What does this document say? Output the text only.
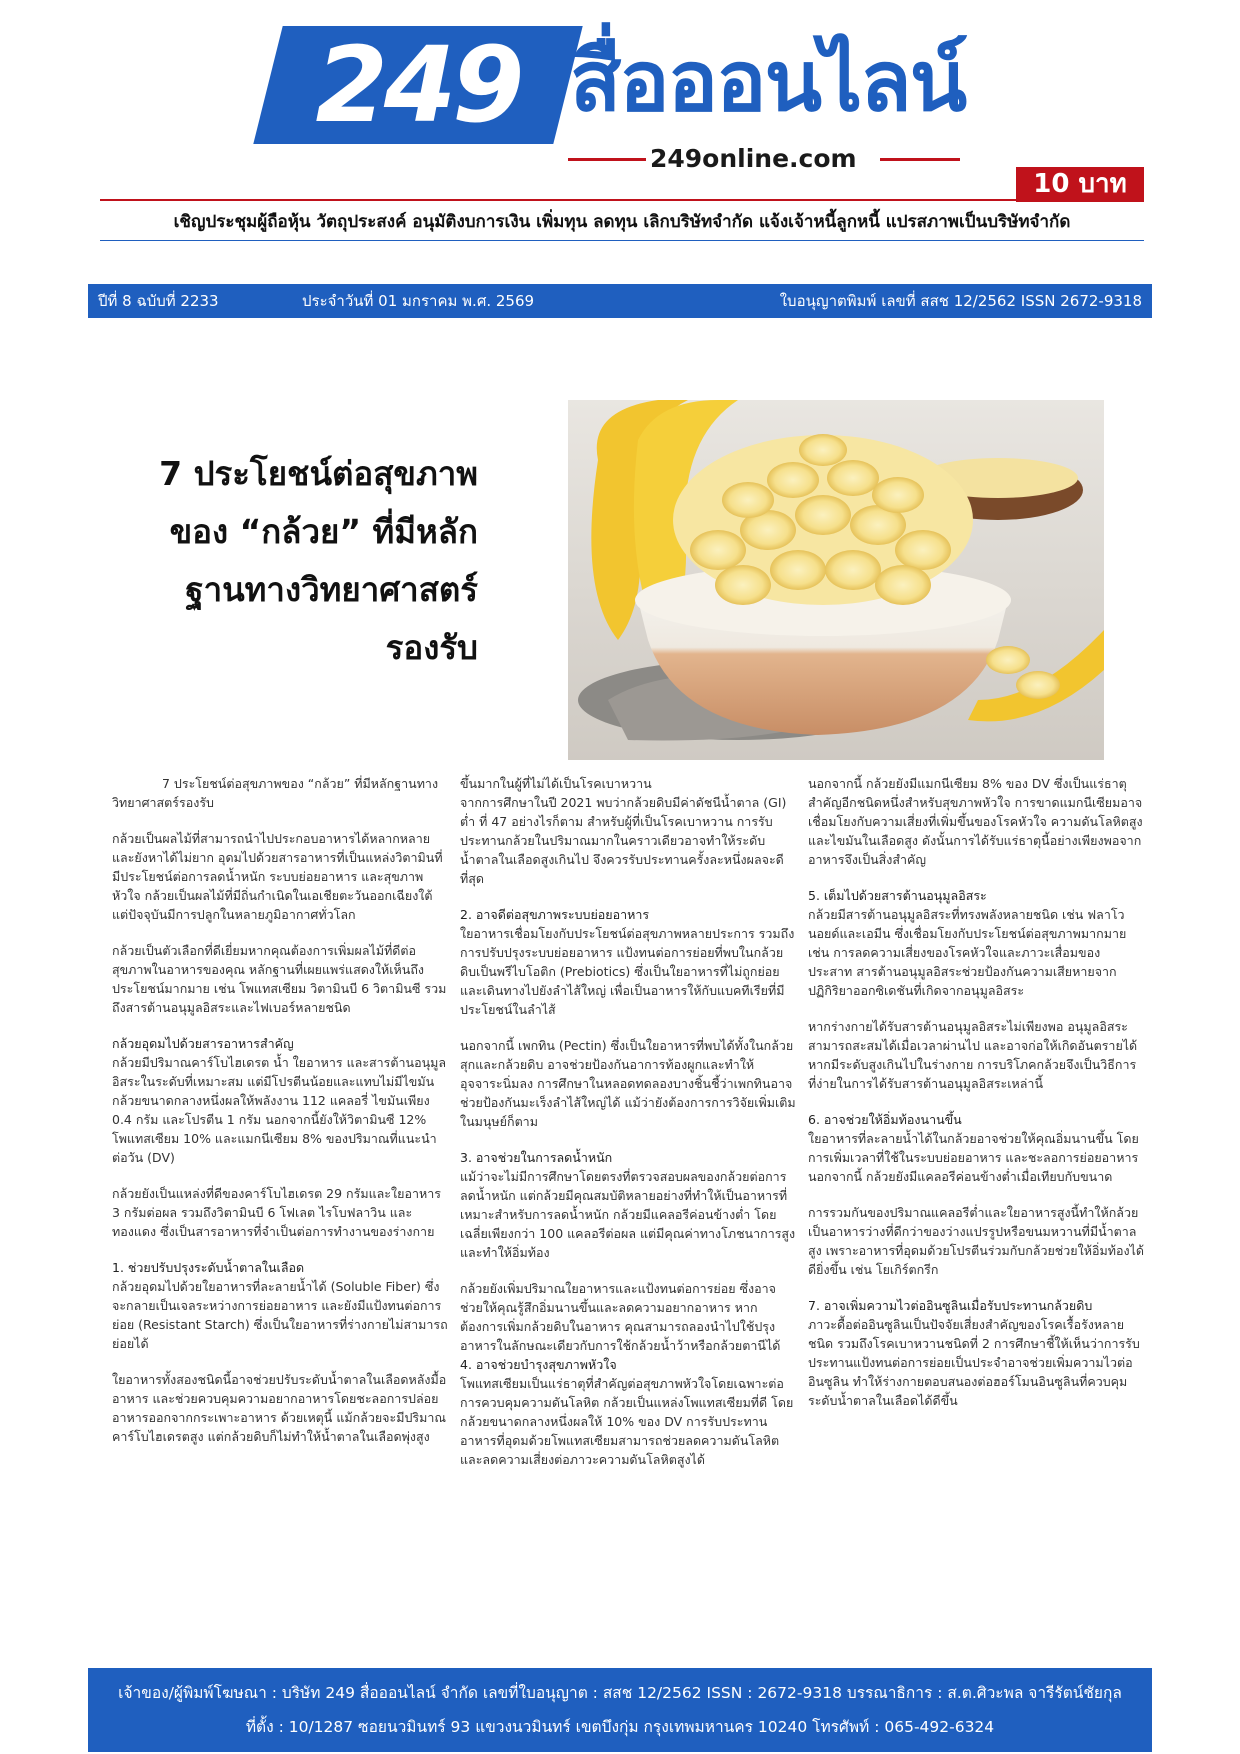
249 สื่อออนไลน์
249online.com
10 บาท
เชิญประชุมผู้ถือหุ้น วัตถุประสงค์ อนุมัติงบการเงิน เพิ่มทุน ลดทุน เลิกบริษัทจำกัด แจ้งเจ้าหนี้ลูกหนี้ แปรสภาพเป็นบริษัทจำกัด
ปีที่ 8 ฉบับที่ 2233	ประจำวันที่ 01 มกราคม พ.ศ. 2569	ใบอนุญาตพิมพ์ เลขที่ สสช 12/2562 ISSN 2672-9318
7 ประโยชน์ต่อสุขภาพ
ของ “กล้วย” ที่มีหลัก
ฐานทางวิทยาศาสตร์
รองรับ

7 ประโยชน์ต่อสุขภาพของ “กล้วย” ที่มีหลักฐานทางวิทยาศาสตร์รองรับ

กล้วยเป็นผลไม้ที่สามารถนำไปประกอบอาหารได้หลากหลายและยังหาได้ไม่ยาก อุดมไปด้วยสารอาหารที่เป็นแหล่งวิตามินที่มีประโยชน์ต่อการลดน้ำหนัก ระบบย่อยอาหาร และสุขภาพหัวใจ กล้วยเป็นผลไม้ที่มีถิ่นกำเนิดในเอเชียตะวันออกเฉียงใต้ แต่ปัจจุบันมีการปลูกในหลายภูมิอากาศทั่วโลก

กล้วยเป็นตัวเลือกที่ดีเยี่ยมหากคุณต้องการเพิ่มผลไม้ที่ดีต่อสุขภาพในอาหารของคุณ หลักฐานที่เผยแพร่แสดงให้เห็นถึงประโยชน์มากมาย เช่น โพแทสเซียม วิตามินบี 6 วิตามินซี รวมถึงสารต้านอนุมูลอิสระและไฟเบอร์หลายชนิด

กล้วยอุดมไปด้วยสารอาหารสำคัญ

กล้วยมีปริมาณคาร์โบไฮเดรต น้ำ ใยอาหาร และสารต้านอนุมูลอิสระในระดับที่เหมาะสม แต่มีโปรตีนน้อยและแทบไม่มีไขมัน กล้วยขนาดกลางหนึ่งผลให้พลังงาน 112 แคลอรี่ ไขมันเพียง 0.4 กรัม และโปรตีน 1 กรัม นอกจากนี้ยังให้วิตามินซี 12% โพแทสเซียม 10% และแมกนีเซียม 8% ของปริมาณที่แนะนำต่อวัน (DV)

กล้วยยังเป็นแหล่งที่ดีของคาร์โบไฮเดรต 29 กรัมและใยอาหาร 3 กรัมต่อผล รวมถึงวิตามินบี 6 โฟเลต ไรโบฟลาวิน และทองแดง ซึ่งเป็นสารอาหารที่จำเป็นต่อการทำงานของร่างกาย

1. ช่วยปรับปรุงระดับน้ำตาลในเลือด

กล้วยอุดมไปด้วยใยอาหารที่ละลายน้ำได้ (Soluble Fiber) ซึ่งจะกลายเป็นเจลระหว่างการย่อยอาหาร และยังมีแป้งทนต่อการย่อย (Resistant Starch) ซึ่งเป็นใยอาหารที่ร่างกายไม่สามารถย่อยได้

ใยอาหารทั้งสองชนิดนี้อาจช่วยปรับระดับน้ำตาลในเลือดหลังมื้ออาหาร และช่วยควบคุมความอยากอาหารโดยชะลอการปล่อยอาหารออกจากกระเพาะอาหาร ด้วยเหตุนี้ แม้กล้วยจะมีปริมาณคาร์โบไฮเดรตสูง แต่กล้วยดิบก็ไม่ทำให้น้ำตาลในเลือดพุ่งสูง

ขึ้นมากในผู้ที่ไม่ได้เป็นโรคเบาหวาน

จากการศึกษาในปี 2021 พบว่ากล้วยดิบมีค่าดัชนีน้ำตาล (GI) ต่ำ ที่ 47 อย่างไรก็ตาม สำหรับผู้ที่เป็นโรคเบาหวาน การรับประทานกล้วยในปริมาณมากในคราวเดียวอาจทำให้ระดับน้ำตาลในเลือดสูงเกินไป จึงควรรับประทานครั้งละหนึ่งผลจะดีที่สุด

2. อาจดีต่อสุขภาพระบบย่อยอาหาร

ใยอาหารเชื่อมโยงกับประโยชน์ต่อสุขภาพหลายประการ รวมถึงการปรับปรุงระบบย่อยอาหาร แป้งทนต่อการย่อยที่พบในกล้วยดิบเป็นพรีไบโอติก (Prebiotics) ซึ่งเป็นใยอาหารที่ไม่ถูกย่อยและเดินทางไปยังลำไส้ใหญ่ เพื่อเป็นอาหารให้กับแบคทีเรียที่มีประโยชน์ในลำไส้

นอกจากนี้ เพกทิน (Pectin) ซึ่งเป็นใยอาหารที่พบได้ทั้งในกล้วยสุกและกล้วยดิบ อาจช่วยป้องกันอาการท้องผูกและทำให้อุจจาระนิ่มลง การศึกษาในหลอดทดลองบางชิ้นชี้ว่าเพกทินอาจช่วยป้องกันมะเร็งลำไส้ใหญ่ได้ แม้ว่ายังต้องการการวิจัยเพิ่มเติมในมนุษย์ก็ตาม

3. อาจช่วยในการลดน้ำหนัก

แม้ว่าจะไม่มีการศึกษาโดยตรงที่ตรวจสอบผลของกล้วยต่อการลดน้ำหนัก แต่กล้วยมีคุณสมบัติหลายอย่างที่ทำให้เป็นอาหารที่เหมาะสำหรับการลดน้ำหนัก กล้วยมีแคลอรีค่อนข้างต่ำ โดยเฉลี่ยเพียงกว่า 100 แคลอรีต่อผล แต่มีคุณค่าทางโภชนาการสูงและทำให้อิ่มท้อง

กล้วยยังเพิ่มปริมาณใยอาหารและแป้งทนต่อการย่อย ซึ่งอาจช่วยให้คุณรู้สึกอิ่มนานขึ้นและลดความอยากอาหาร หากต้องการเพิ่มกล้วยดิบในอาหาร คุณสามารถลองนำไปใช้ปรุงอาหารในลักษณะเดียวกับการใช้กล้วยน้ำว้าหรือกล้วยตานีได้

4. อาจช่วยบำรุงสุขภาพหัวใจ

โพแทสเซียมเป็นแร่ธาตุที่สำคัญต่อสุขภาพหัวใจโดยเฉพาะต่อการควบคุมความดันโลหิต กล้วยเป็นแหล่งโพแทสเซียมที่ดี โดยกล้วยขนาดกลางหนึ่งผลให้ 10% ของ DV การรับประทานอาหารที่อุดมด้วยโพแทสเซียมสามารถช่วยลดความดันโลหิตและลดความเสี่ยงต่อภาวะความดันโลหิตสูงได้

นอกจากนี้ กล้วยยังมีแมกนีเซียม 8% ของ DV ซึ่งเป็นแร่ธาตุสำคัญอีกชนิดหนึ่งสำหรับสุขภาพหัวใจ การขาดแมกนีเซียมอาจเชื่อมโยงกับความเสี่ยงที่เพิ่มขึ้นของโรคหัวใจ ความดันโลหิตสูง และไขมันในเลือดสูง ดังนั้นการได้รับแร่ธาตุนี้อย่างเพียงพอจากอาหารจึงเป็นสิ่งสำคัญ

5. เต็มไปด้วยสารต้านอนุมูลอิสระ

กล้วยมีสารต้านอนุมูลอิสระที่ทรงพลังหลายชนิด เช่น ฟลาโวนอยด์และเอมีน ซึ่งเชื่อมโยงกับประโยชน์ต่อสุขภาพมากมาย เช่น การลดความเสี่ยงของโรคหัวใจและภาวะเสื่อมของประสาท สารต้านอนุมูลอิสระช่วยป้องกันความเสียหายจากปฏิกิริยาออกซิเดชันที่เกิดจากอนุมูลอิสระ

หากร่างกายได้รับสารต้านอนุมูลอิสระไม่เพียงพอ อนุมูลอิสระสามารถสะสมได้เมื่อเวลาผ่านไป และอาจก่อให้เกิดอันตรายได้หากมีระดับสูงเกินไปในร่างกาย การบริโภคกล้วยจึงเป็นวิธีการที่ง่ายในการได้รับสารต้านอนุมูลอิสระเหล่านี้

6. อาจช่วยให้อิ่มท้องนานขึ้น

ใยอาหารที่ละลายน้ำได้ในกล้วยอาจช่วยให้คุณอิ่มนานขึ้น โดยการเพิ่มเวลาที่ใช้ในระบบย่อยอาหาร และชะลอการย่อยอาหาร นอกจากนี้ กล้วยยังมีแคลอรีค่อนข้างต่ำเมื่อเทียบกับขนาด

การรวมกันของปริมาณแคลอรีต่ำและใยอาหารสูงนี้ทำให้กล้วยเป็นอาหารว่างที่ดีกว่าของว่างแปรรูปหรือขนมหวานที่มีน้ำตาลสูง เพราะอาหารที่อุดมด้วยโปรตีนร่วมกับกล้วยช่วยให้อิ่มท้องได้ดียิ่งขึ้น เช่น โยเกิร์ตกรีก

7. อาจเพิ่มความไวต่ออินซูลินเมื่อรับประทานกล้วยดิบ

ภาวะดื้อต่ออินซูลินเป็นปัจจัยเสี่ยงสำคัญของโรคเรื้อรังหลายชนิด รวมถึงโรคเบาหวานชนิดที่ 2 การศึกษาชี้ให้เห็นว่าการรับประทานแป้งทนต่อการย่อยเป็นประจำอาจช่วยเพิ่มความไวต่ออินซูลิน ทำให้ร่างกายตอบสนองต่อฮอร์โมนอินซูลินที่ควบคุมระดับน้ำตาลในเลือดได้ดีขึ้น

เจ้าของ/ผู้พิมพ์โฆษณา : บริษัท 249 สื่อออนไลน์ จำกัด เลขที่ใบอนุญาต : สสช 12/2562 ISSN : 2672-9318 บรรณาธิการ : ส.ต.ศิวะพล จารีรัตน์ชัยกุล
ที่ตั้ง : 10/1287 ซอยนวมินทร์ 93 แขวงนวมินทร์ เขตบึงกุ่ม กรุงเทพมหานคร 10240 โทรศัพท์ : 065-492-6324
